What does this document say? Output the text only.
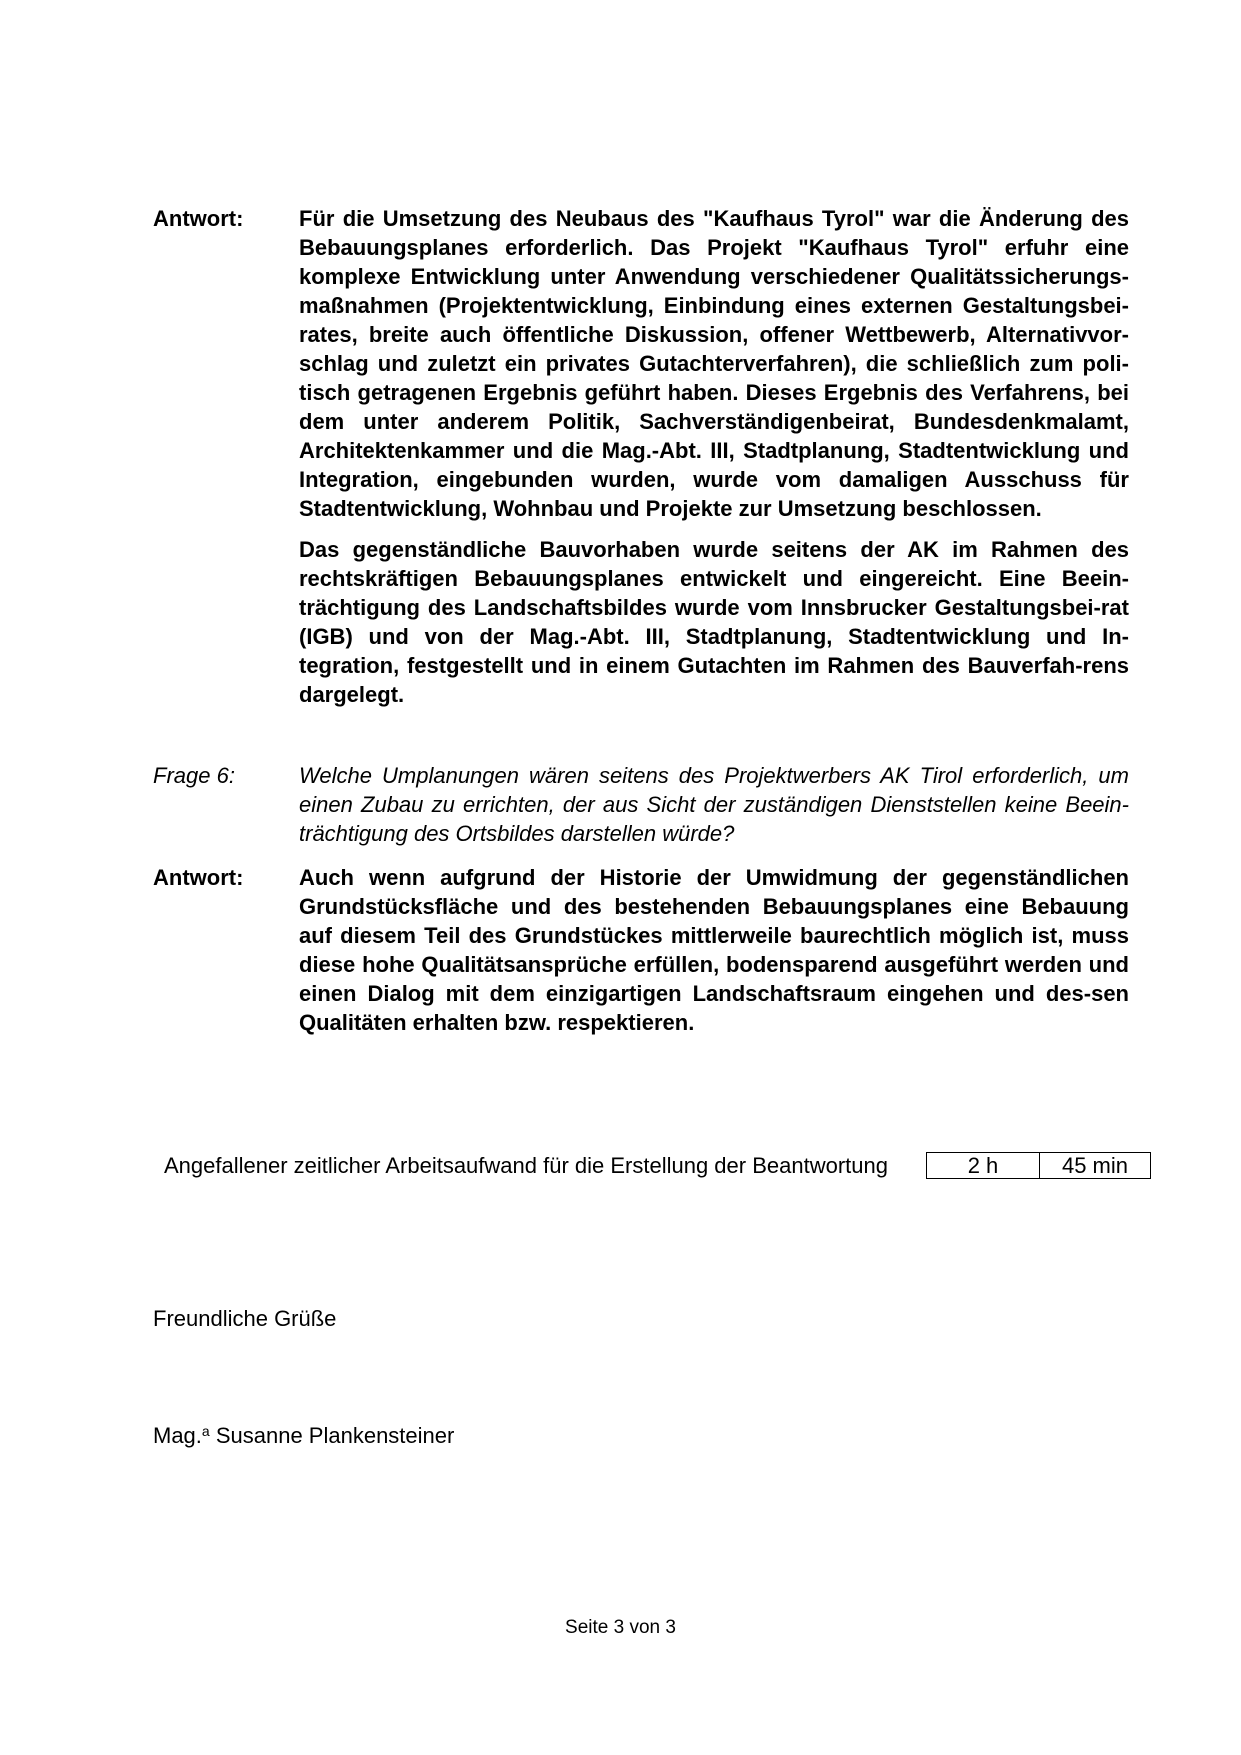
Antwort:	Für die Umsetzung des Neubaus des "Kaufhaus Tyrol" war die Änderung des Bebauungsplanes erforderlich. Das Projekt "Kaufhaus Tyrol" erfuhr eine komplexe Entwicklung unter Anwendung verschiedener Qualitätssicherungs-maßnahmen (Projektentwicklung, Einbindung eines externen Gestaltungsbei-rates, breite auch öffentliche Diskussion, offener Wettbewerb, Alternativvor-schlag und zuletzt ein privates Gutachterverfahren), die schließlich zum poli-tisch getragenen Ergebnis geführt haben. Dieses Ergebnis des Verfahrens, bei dem unter anderem Politik, Sachverständigenbeirat, Bundesdenkmalamt, Architektenkammer und die Mag.-Abt. III, Stadtplanung, Stadtentwicklung und Integration, eingebunden wurden, wurde vom damaligen Ausschuss für Stadtentwicklung, Wohnbau und Projekte zur Umsetzung beschlossen.

Das gegenständliche Bauvorhaben wurde seitens der AK im Rahmen des rechtskräftigen Bebauungsplanes entwickelt und eingereicht. Eine Beein-trächtigung des Landschaftsbildes wurde vom Innsbrucker Gestaltungsbei-rat (IGB) und von der Mag.-Abt. III, Stadtplanung, Stadtentwicklung und In-tegration, festgestellt und in einem Gutachten im Rahmen des Bauverfah-rens dargelegt.

Frage 6:	Welche Umplanungen wären seitens des Projektwerbers AK Tirol erforderlich, um einen Zubau zu errichten, der aus Sicht der zuständigen Dienststellen keine Beein-trächtigung des Ortsbildes darstellen würde?

Antwort:	Auch wenn aufgrund der Historie der Umwidmung der gegenständlichen Grundstücksfläche und des bestehenden Bebauungsplanes eine Bebauung auf diesem Teil des Grundstückes mittlerweile baurechtlich möglich ist, muss diese hohe Qualitätsansprüche erfüllen, bodensparend ausgeführt werden und einen Dialog mit dem einzigartigen Landschaftsraum eingehen und des-sen Qualitäten erhalten bzw. respektieren.

Angefallener zeitlicher Arbeitsaufwand für die Erstellung der Beantwortung	2 h	45 min
Freundliche Grüße
Mag.$^a$ Susanne Plankensteiner
Seite 3 von 3
